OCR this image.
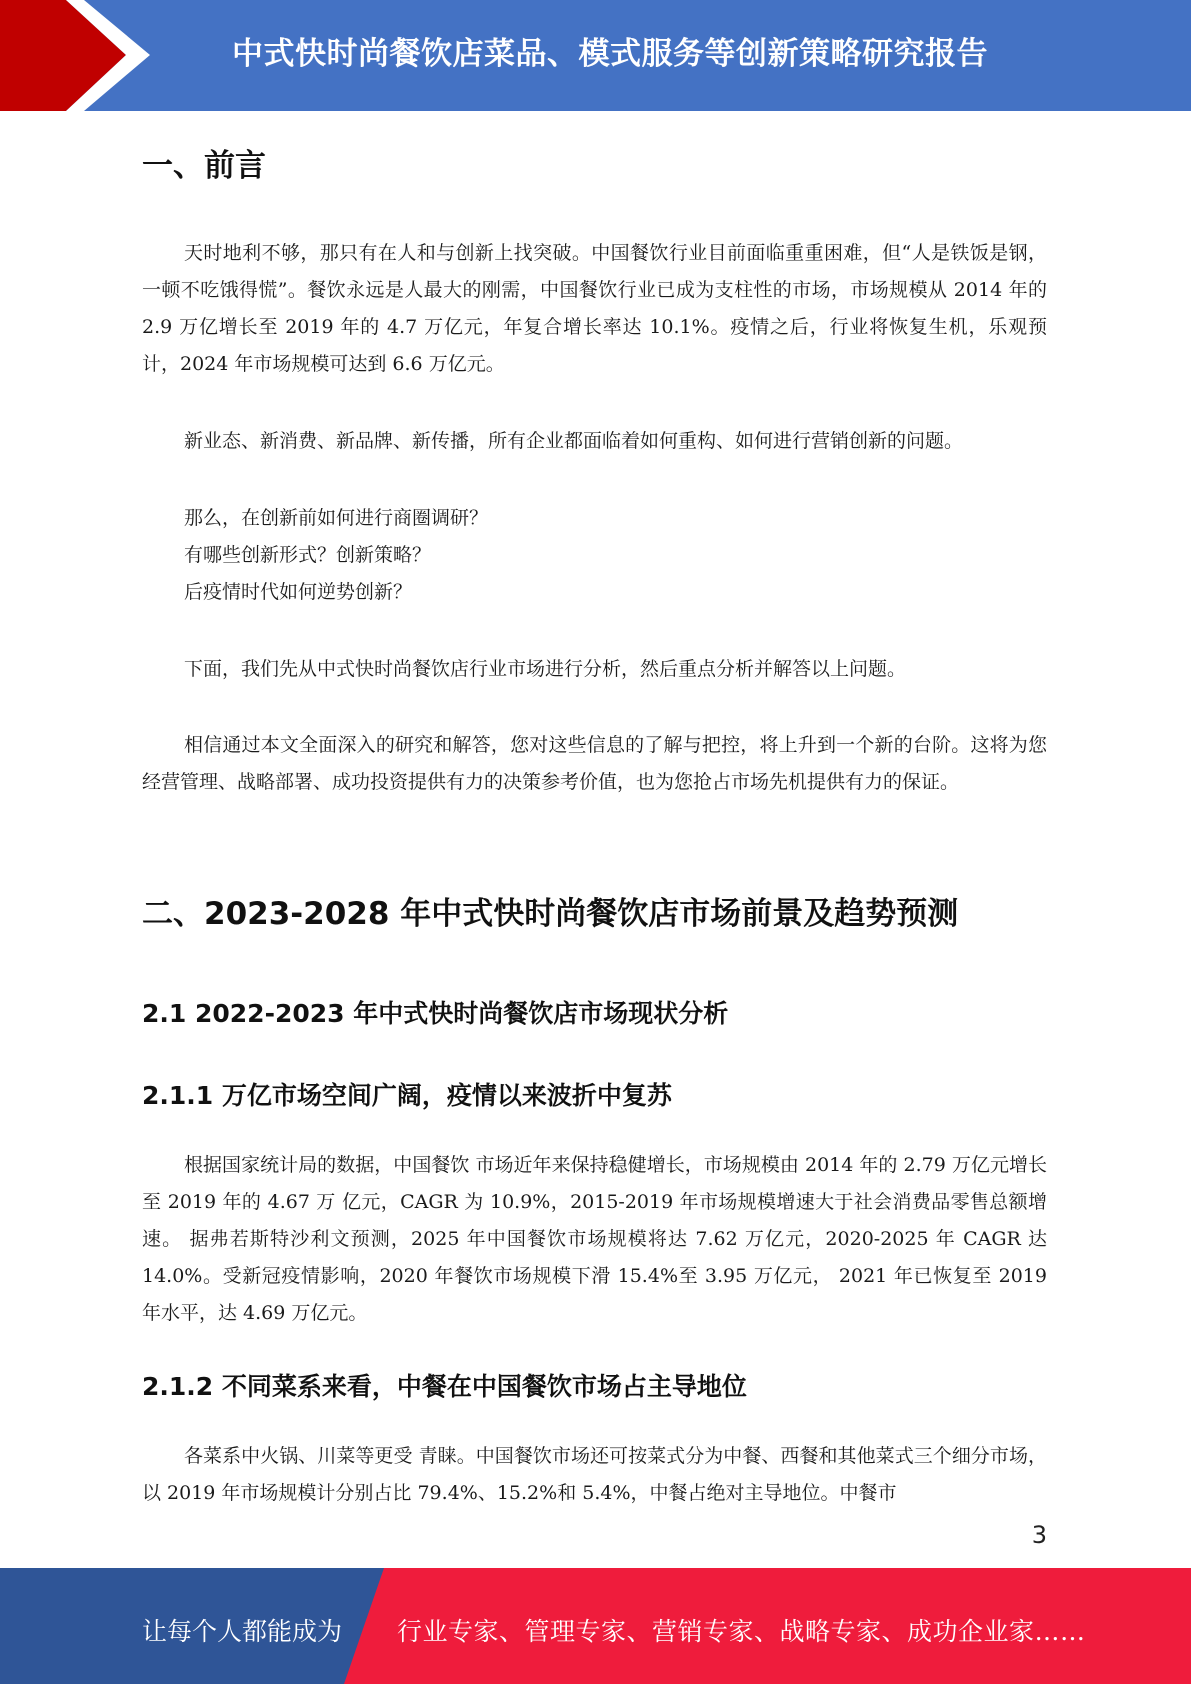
中式快时尚餐饮店菜品、模式服务等创新策略研究报告
一、前言

天时地利不够，那只有在人和与创新上找突破。中国餐饮行业目前面临重重困难，但“人是铁饭是钢，一顿不吃饿得慌”。餐饮永远是人最大的刚需，中国餐饮行业已成为支柱性的市场，市场规模从 2014 年的 2.9 万亿增长至 2019 年的 4.7 万亿元，年复合增长率达 10.1%。疫情之后，行业将恢复生机，乐观预计，2024 年市场规模可达到 6.6 万亿元。

新业态、新消费、新品牌、新传播，所有企业都面临着如何重构、如何进行营销创新的问题。

那么，在创新前如何进行商圈调研？
有哪些创新形式？创新策略？
后疫情时代如何逆势创新？

下面，我们先从中式快时尚餐饮店行业市场进行分析，然后重点分析并解答以上问题。

相信通过本文全面深入的研究和解答，您对这些信息的了解与把控，将上升到一个新的台阶。这将为您经营管理、战略部署、成功投资提供有力的决策参考价值，也为您抢占市场先机提供有力的保证。

二、2023-2028 年中式快时尚餐饮店市场前景及趋势预测
2.1 2022-2023 年中式快时尚餐饮店市场现状分析
2.1.1 万亿市场空间广阔，疫情以来波折中复苏

根据国家统计局的数据，中国餐饮 市场近年来保持稳健增长，市场规模由 2014 年的 2.79 万亿元增长至 2019 年的 4.67 万 亿元，CAGR 为 10.9%，2015-2019 年市场规模增速大于社会消费品零售总额增速。 据弗若斯特沙利文预测，2025 年中国餐饮市场规模将达 7.62 万亿元，2020-2025 年 CAGR 达 14.0%。受新冠疫情影响，2020 年餐饮市场规模下滑 15.4%至 3.95 万亿元， 2021 年已恢复至 2019 年水平，达 4.69 万亿元。

2.1.2 不同菜系来看，中餐在中国餐饮市场占主导地位

各菜系中火锅、川菜等更受 青睐。中国餐饮市场还可按菜式分为中餐、西餐和其他菜式三个细分市场，以 2019 年市场规模计分别占比 79.4%、15.2%和 5.4%，中餐占绝对主导地位。中餐市

3
让每个人都能成为 行业专家、管理专家、营销专家、战略专家、成功企业家……
